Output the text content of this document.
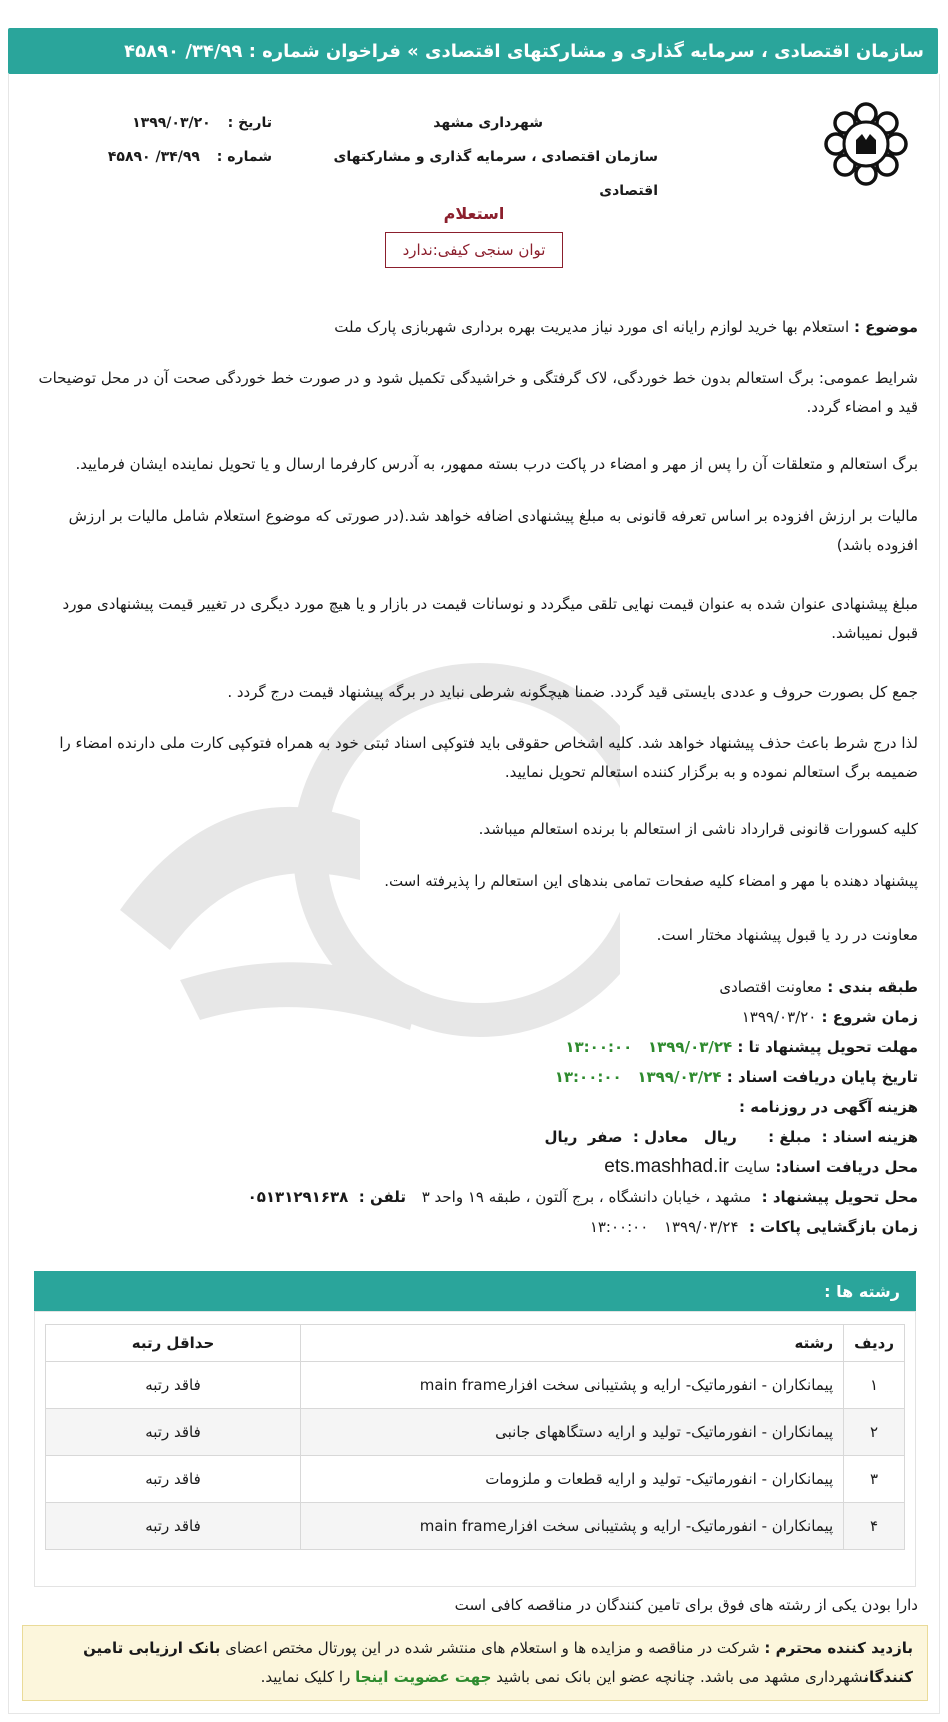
سازمان اقتصادی ، سرمایه گذاری و مشارکتهای اقتصادی » فراخوان شماره : ۳۴/۹۹/ ۴۵۸۹۰
شهرداری مشهد
سازمان اقتصادی ، سرمایه گذاری و مشارکتهای اقتصادی
تاریخ : ۱۳۹۹/۰۳/۲۰
شماره : ۳۴/۹۹/ ۴۵۸۹۰
استعلام
توان سنجی کیفی:ندارد
موضوع : استعلام بها خرید لوازم رایانه ای مورد نیاز مدیریت بهره برداری شهربازی پارک ملت
شرایط عمومی: برگ استعالم بدون خط خوردگی، لاک گرفتگی و خراشیدگی تکمیل شود و در صورت خط خوردگی صحت آن در محل توضیحات قید و امضاء گردد.
برگ استعالم و متعلقات آن را پس از مهر و امضاء در پاکت درب بسته ممهور، به آدرس کارفرما ارسال و یا تحویل نماینده ایشان فرمایید.
مالیات بر ارزش افزوده بر اساس تعرفه قانونی به مبلغ پیشنهادی اضافه خواهد شد.(در صورتی که موضوع استعلام شامل مالیات بر ارزش افزوده باشد)
مبلغ پیشنهادی عنوان شده به عنوان قیمت نهایی تلقی میگردد و نوسانات قیمت در بازار و یا هیچ مورد دیگری در تغییر قیمت پیشنهادی مورد قبول نمیباشد.
جمع کل بصورت حروف و عددی بایستی قید گردد. ضمنا هیچگونه شرطی نباید در برگه پیشنهاد قیمت درج گردد .
لذا درج شرط باعث حذف پیشنهاد خواهد شد. کلیه اشخاص حقوقی باید فتوکپی اسناد ثبتی خود به همراه فتوکپی کارت ملی دارنده امضاء را ضمیمه برگ استعالم نموده و به برگزار کننده استعالم تحویل نمایید.
کلیه کسورات قانونی قرارداد ناشی از استعالم با برنده استعالم میباشد.
پیشنهاد دهنده با مهر و امضاء کلیه صفحات تمامی بندهای این استعالم را پذیرفته است.
معاونت در رد یا قبول پیشنهاد مختار است.
طبقه بندی : معاونت اقتصادی
زمان شروع : ۱۳۹۹/۰۳/۲۰
مهلت تحویل پیشنهاد تا : ۱۳۹۹/۰۳/۲۴   ۱۳:۰۰:۰۰
تاریخ پایان دریافت اسناد : ۱۳۹۹/۰۳/۲۴   ۱۳:۰۰:۰۰
هزینه آگهی در روزنامه :
هزینه اسناد :  مبلغ :      ریال   معادل :  صفر  ریال
محل دریافت اسناد: سایت ets.mashhad.ir
محل تحویل پیشنهاد :  مشهد ، خیابان دانشگاه ، برج آلتون ، طبقه ۱۹ واحد ۳   تلفن :  ۰۵۱۳۱۲۹۱۶۳۸
زمان بازگشایی پاکات :  ۱۳۹۹/۰۳/۲۴   ۱۳:۰۰:۰۰
رشته ها :
ردیف	رشته	حداقل رتبه
۱	پیمانکاران - انفورماتیک- ارایه و پشتیبانی سخت افزارmain frame	فاقد رتبه
۲	پیمانکاران - انفورماتیک- تولید و ارایه دستگاههای جانبی	فاقد رتبه
۳	پیمانکاران - انفورماتیک- تولید و ارایه قطعات و ملزومات	فاقد رتبه
۴	پیمانکاران - انفورماتیک- ارایه و پشتیبانی سخت افزارmain frame	فاقد رتبه
دارا بودن یکی از رشته های فوق برای تامین کنندگان در مناقصه کافی است
بازدید کننده محترم : شرکت در مناقصه و مزایده ها و استعلام های منتشر شده در این پورتال مختص اعضای بانک ارزیابی تامین کنندگانشهرداری مشهد می باشد. چنانچه عضو این بانک نمی باشید جهت عضویت اینجا را کلیک نمایید.
